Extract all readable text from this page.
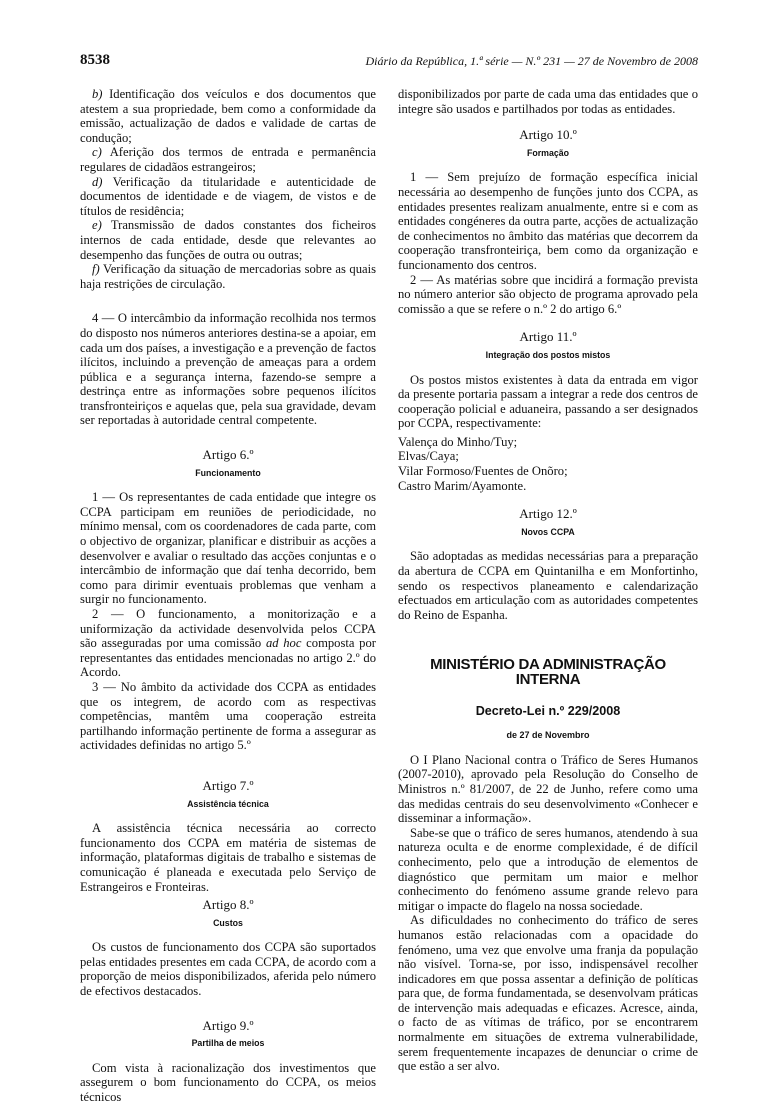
8538	Diário da República, 1.ª série — N.º 231 — 27 de Novembro de 2008

b) Identificação dos veículos e dos documentos que atestem a sua propriedade, bem como a conformidade da emissão, actualização de dados e validade de cartas de condução;

c) Aferição dos termos de entrada e permanência regulares de cidadãos estrangeiros;

d) Verificação da titularidade e autenticidade de documentos de identidade e de viagem, de vistos e de títulos de residência;

e) Transmissão de dados constantes dos ficheiros internos de cada entidade, desde que relevantes ao desempenho das funções de outra ou outras;

f) Verificação da situação de mercadorias sobre as quais haja restrições de circulação.

4 — O intercâmbio da informação recolhida nos termos do disposto nos números anteriores destina-se a apoiar, em cada um dos países, a investigação e a prevenção de factos ilícitos, incluindo a prevenção de ameaças para a ordem pública e a segurança interna, fazendo-se sempre a destrinça entre as informações sobre pequenos ilícitos transfronteiriços e aquelas que, pela sua gravidade, devam ser reportadas à autoridade central competente.

Artigo 6.º

Funcionamento

1 — Os representantes de cada entidade que integre os CCPA participam em reuniões de periodicidade, no mínimo mensal, com os coordenadores de cada parte, com o objectivo de organizar, planificar e distribuir as acções a desenvolver e avaliar o resultado das acções conjuntas e o intercâmbio de informação que daí tenha decorrido, bem como para dirimir eventuais problemas que venham a surgir no funcionamento.

2 — O funcionamento, a monitorização e a uniformização da actividade desenvolvida pelos CCPA são asseguradas por uma comissão ad hoc composta por representantes das entidades mencionadas no artigo 2.º do Acordo.

3 — No âmbito da actividade dos CCPA as entidades que os integrem, de acordo com as respectivas competências, mantêm uma cooperação estreita partilhando informação pertinente de forma a assegurar as actividades definidas no artigo 5.º

Artigo 7.º

Assistência técnica

A assistência técnica necessária ao correcto funcionamento dos CCPA em matéria de sistemas de informação, plataformas digitais de trabalho e sistemas de comunicação é planeada e executada pelo Serviço de Estrangeiros e Fronteiras.

Artigo 8.º

Custos

Os custos de funcionamento dos CCPA são suportados pelas entidades presentes em cada CCPA, de acordo com a proporção de meios disponibilizados, aferida pelo número de efectivos destacados.

Artigo 9.º

Partilha de meios

Com vista à racionalização dos investimentos que assegurem o bom funcionamento do CCPA, os meios técnicos

disponibilizados por parte de cada uma das entidades que o integre são usados e partilhados por todas as entidades.

Artigo 10.º

Formação

1 — Sem prejuízo de formação específica inicial necessária ao desempenho de funções junto dos CCPA, as entidades presentes realizam anualmente, entre si e com as entidades congéneres da outra parte, acções de actualização de conhecimentos no âmbito das matérias que decorrem da cooperação transfronteiriça, bem como da organização e funcionamento dos centros.

2 — As matérias sobre que incidirá a formação prevista no número anterior são objecto de programa aprovado pela comissão a que se refere o n.º 2 do artigo 6.º

Artigo 11.º

Integração dos postos mistos

Os postos mistos existentes à data da entrada em vigor da presente portaria passam a integrar a rede dos centros de cooperação policial e aduaneira, passando a ser designados por CCPA, respectivamente:

Valença do Minho/Tuy;

Elvas/Caya;

Vilar Formoso/Fuentes de Onõro;

Castro Marim/Ayamonte.

Artigo 12.º

Novos CCPA

São adoptadas as medidas necessárias para a preparação da abertura de CCPA em Quintanilha e em Monfortinho, sendo os respectivos planeamento e calendarização efectuados em articulação com as autoridades competentes do Reino de Espanha.

MINISTÉRIO DA ADMINISTRAÇÃO INTERNA

Decreto-Lei n.º 229/2008

de 27 de Novembro

O I Plano Nacional contra o Tráfico de Seres Humanos (2007-2010), aprovado pela Resolução do Conselho de Ministros n.º 81/2007, de 22 de Junho, refere como uma das medidas centrais do seu desenvolvimento «Conhecer e disseminar a informação».

Sabe-se que o tráfico de seres humanos, atendendo à sua natureza oculta e de enorme complexidade, é de difícil conhecimento, pelo que a introdução de elementos de diagnóstico que permitam um maior e melhor conhecimento do fenómeno assume grande relevo para mitigar o impacte do flagelo na nossa sociedade.

As dificuldades no conhecimento do tráfico de seres humanos estão relacionadas com a opacidade do fenómeno, uma vez que envolve uma franja da população não visível. Torna-se, por isso, indispensável recolher indicadores em que possa assentar a definição de políticas para que, de forma fundamentada, se desenvolvam práticas de intervenção mais adequadas e eficazes. Acresce, ainda, o facto de as vítimas de tráfico, por se encontrarem normalmente em situações de extrema vulnerabilidade, serem frequentemente incapazes de denunciar o crime de que estão a ser alvo.
